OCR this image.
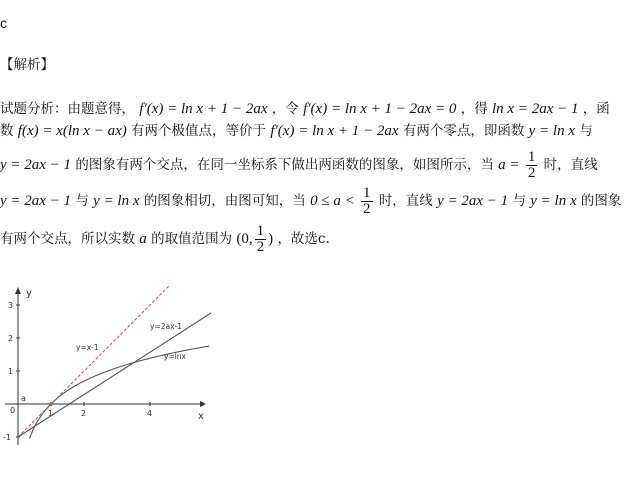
c
【解析】
试题分析：由题意得， f′(x) = ln x + 1 − 2ax ，令 f′(x) = ln x + 1 − 2ax = 0 ，得 ln x = 2ax − 1 ，函
数 f(x) = x(ln x − ax) 有两个极值点，等价于 f′(x) = ln x + 1 − 2ax 有两个零点，即函数 y = ln x 与
y = 2ax − 1 的图象有两个交点，在同一坐标系下做出两函数的图象，如图所示，当 $a = \frac{1}{2}$ 时，直线
y = 2ax − 1 与 y = ln x 的图象相切，由图可知，当 $0 \le a < \frac{1}{2}$ 时，直线 y = 2ax − 1 与 y = ln x 的图象
有两个交点，所以实数 a 的取值范围为 (0, $\frac{1}{2}$ ) ，故选c.
x
y
1	2	4
0
3
2
1
-1
a
y=x-1
y=2ax-1
y=lnx
